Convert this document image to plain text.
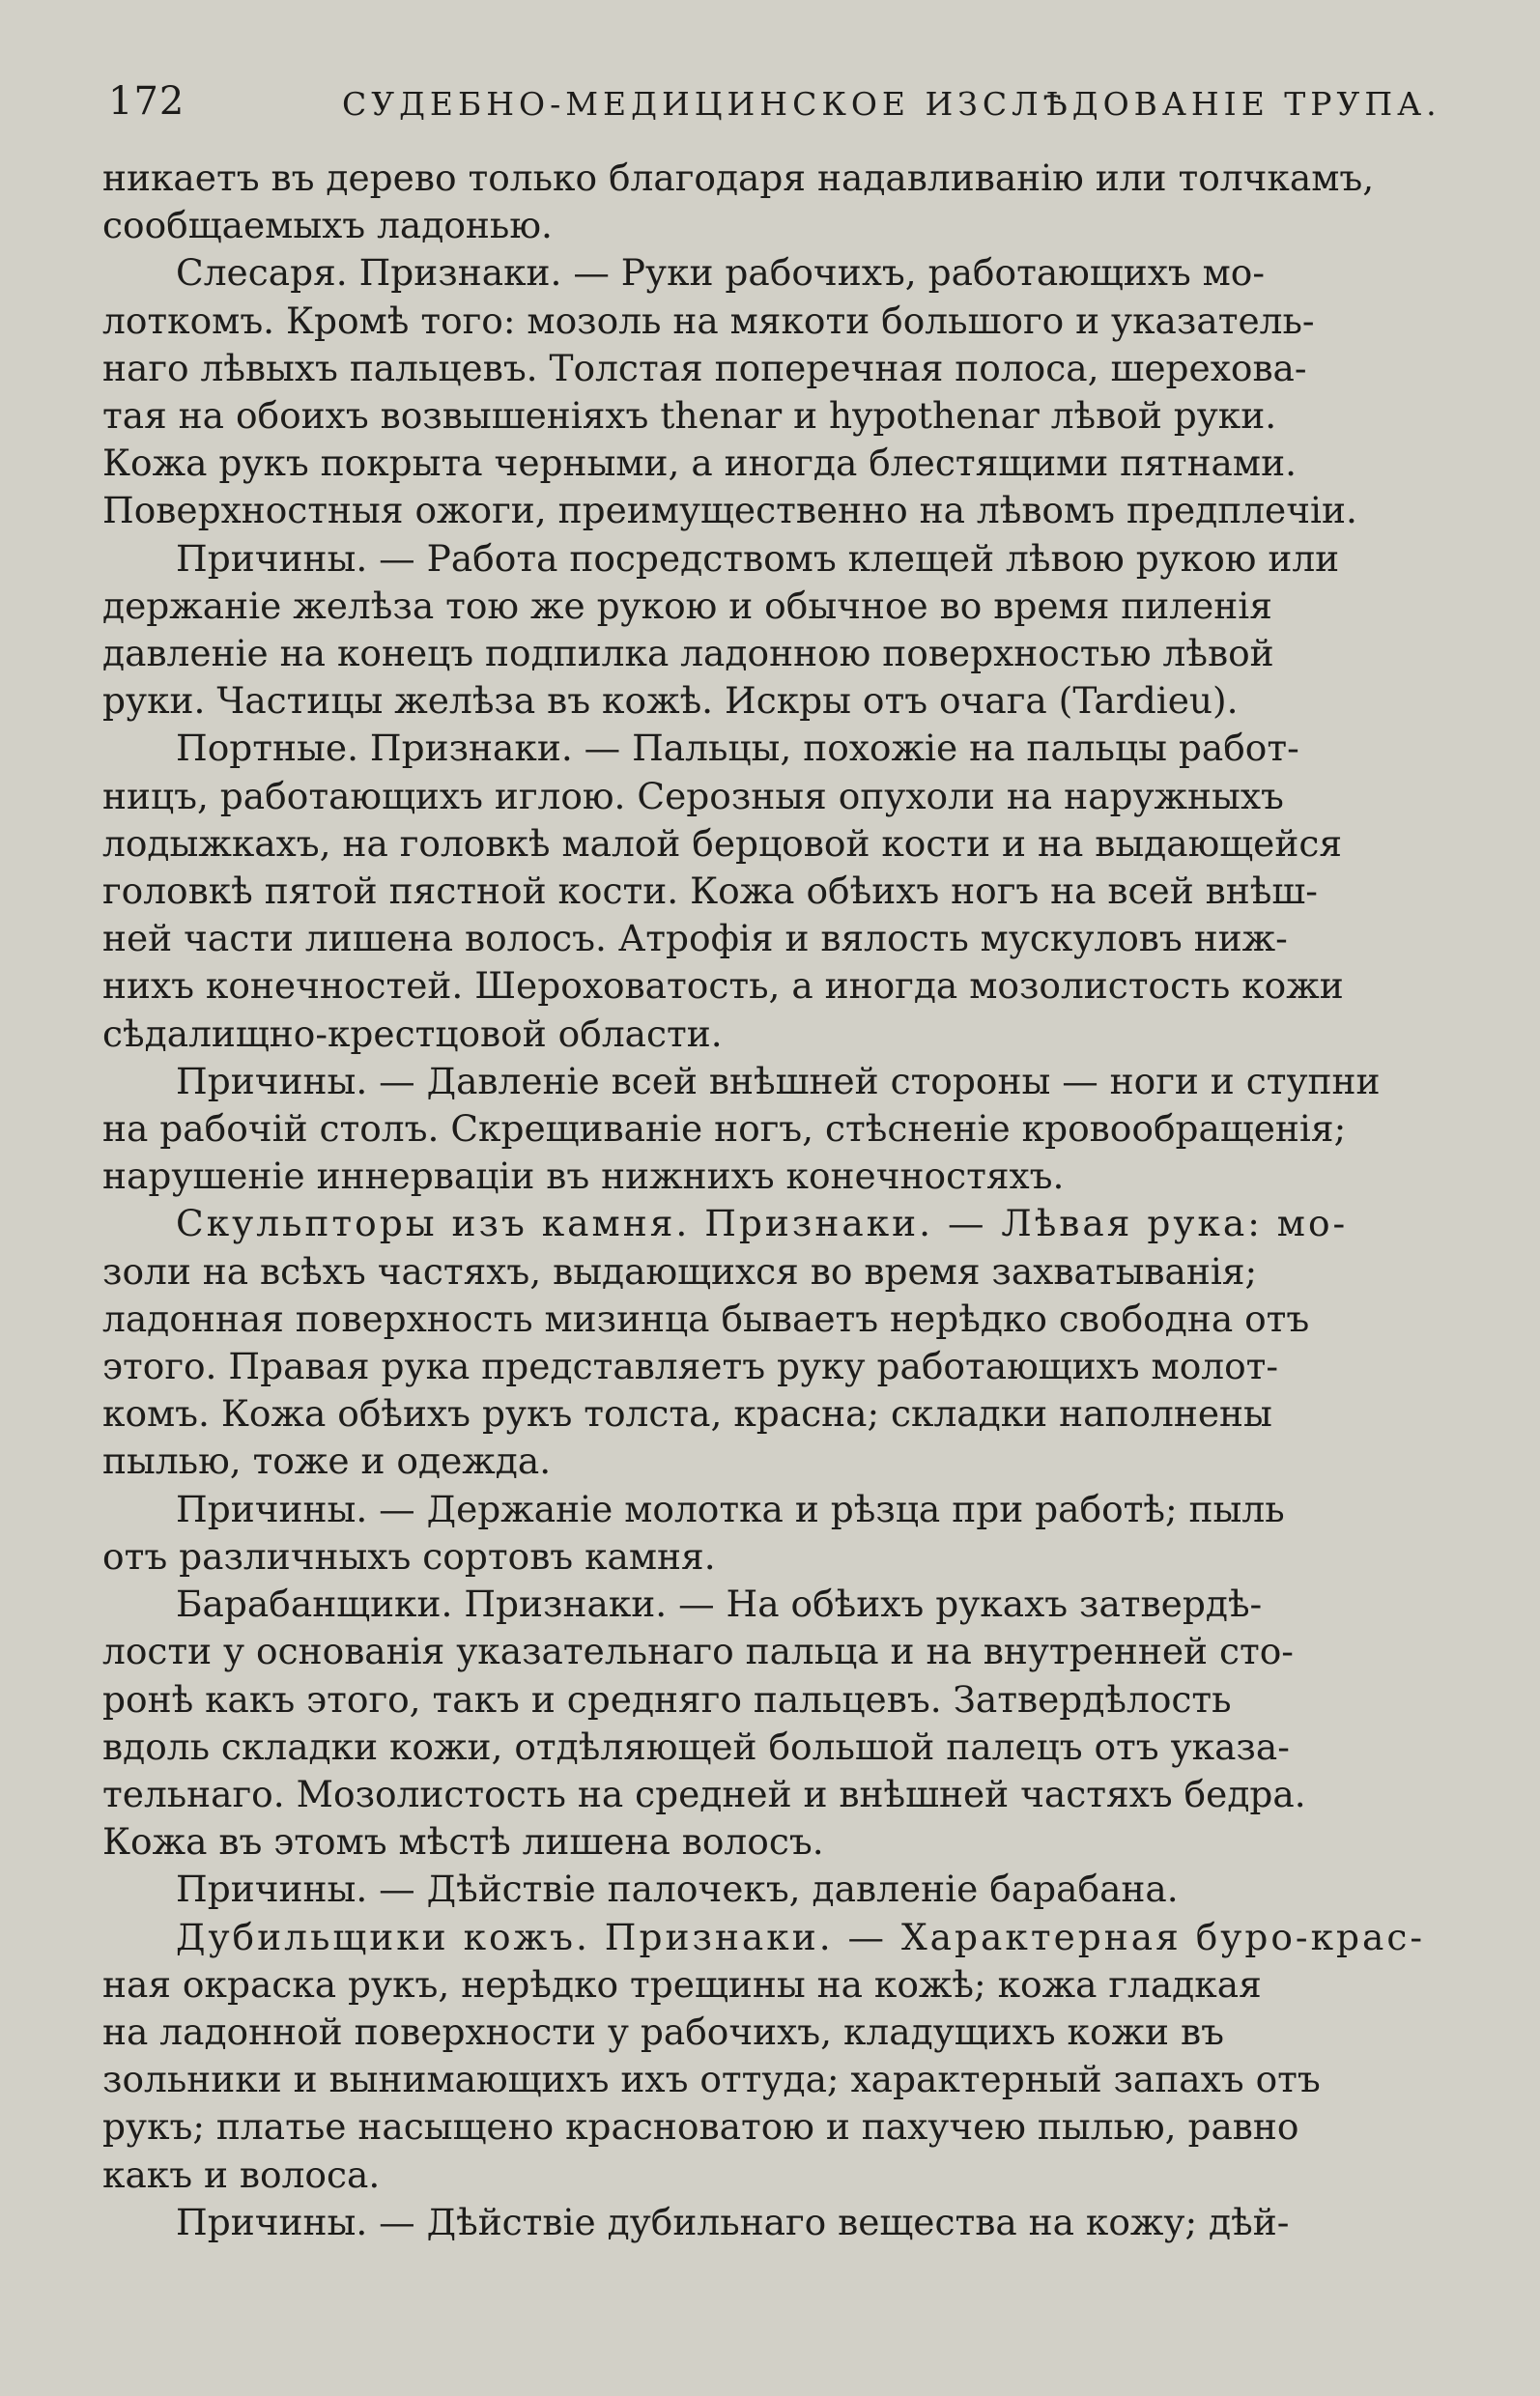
172	СУДЕБНО-МЕДИЦИНСКОЕ ИЗСЛѢДОВАНІЕ ТРУПА.
никаетъ въ дерево только благодаря надавливанію или толчкамъ,
сообщаемыхъ ладонью.
Слесаря. Признаки. — Руки рабочихъ, работающихъ мо-
лоткомъ. Кромѣ того: мозоль на мякоти большого и указатель-
наго лѣвыхъ пальцевъ. Толстая поперечная полоса, шерехова-
тая на обоихъ возвышеніяхъ thenar и hypothenar лѣвой руки.
Кожа рукъ покрыта черными, а иногда блестящими пятнами.
Поверхностныя ожоги, преимущественно на лѣвомъ предплечіи.
Причины. — Работа посредствомъ клещей лѣвою рукою или
держаніе желѣза тою же рукою и обычное во время пиленія
давленіе на конецъ подпилка ладонною поверхностью лѣвой
руки. Частицы желѣза въ кожѣ. Искры отъ очага (Tardieu).
Портные. Признаки. — Пальцы, похожіе на пальцы работ-
ницъ, работающихъ иглою. Серозныя опухоли на наружныхъ
лодыжкахъ, на головкѣ малой берцовой кости и на выдающейся
головкѣ пятой пястной кости. Кожа обѣихъ ногъ на всей внѣш-
ней части лишена волосъ. Атрофія и вялость мускуловъ ниж-
нихъ конечностей. Шероховатость, а иногда мозолистость кожи
сѣдалищно-крестцовой области.
Причины. — Давленіе всей внѣшней стороны — ноги и ступни
на рабочій столъ. Скрещиваніе ногъ, стѣсненіе кровообращенія;
нарушеніе иннерваціи въ нижнихъ конечностяхъ.
Скульпторы изъ камня. Признаки. — Лѣвая рука: мо-
золи на всѣхъ частяхъ, выдающихся во время захватыванія;
ладонная поверхность мизинца бываетъ нерѣдко свободна отъ
этого. Правая рука представляетъ руку работающихъ молот-
комъ. Кожа обѣихъ рукъ толста, красна; складки наполнены
пылью, тоже и одежда.
Причины. — Держаніе молотка и рѣзца при работѣ; пыль
отъ различныхъ сортовъ камня.
Барабанщики. Признаки. — На обѣихъ рукахъ затвердѣ-
лости у основанія указательнаго пальца и на внутренней сто-
ронѣ какъ этого, такъ и средняго пальцевъ. Затвердѣлость
вдоль складки кожи, отдѣляющей большой палецъ отъ указа-
тельнаго. Мозолистость на средней и внѣшней частяхъ бедра.
Кожа въ этомъ мѣстѣ лишена волосъ.
Причины. — Дѣйствіе палочекъ, давленіе барабана.
Дубильщики кожъ. Признаки. — Характерная буро-крас-
ная окраска рукъ, нерѣдко трещины на кожѣ; кожа гладкая
на ладонной поверхности у рабочихъ, кладущихъ кожи въ
зольники и вынимающихъ ихъ оттуда; характерный запахъ отъ
рукъ; платье насыщено красноватою и пахучею пылью, равно
какъ и волоса.
Причины. — Дѣйствіе дубильнаго вещества на кожу; дѣй-
